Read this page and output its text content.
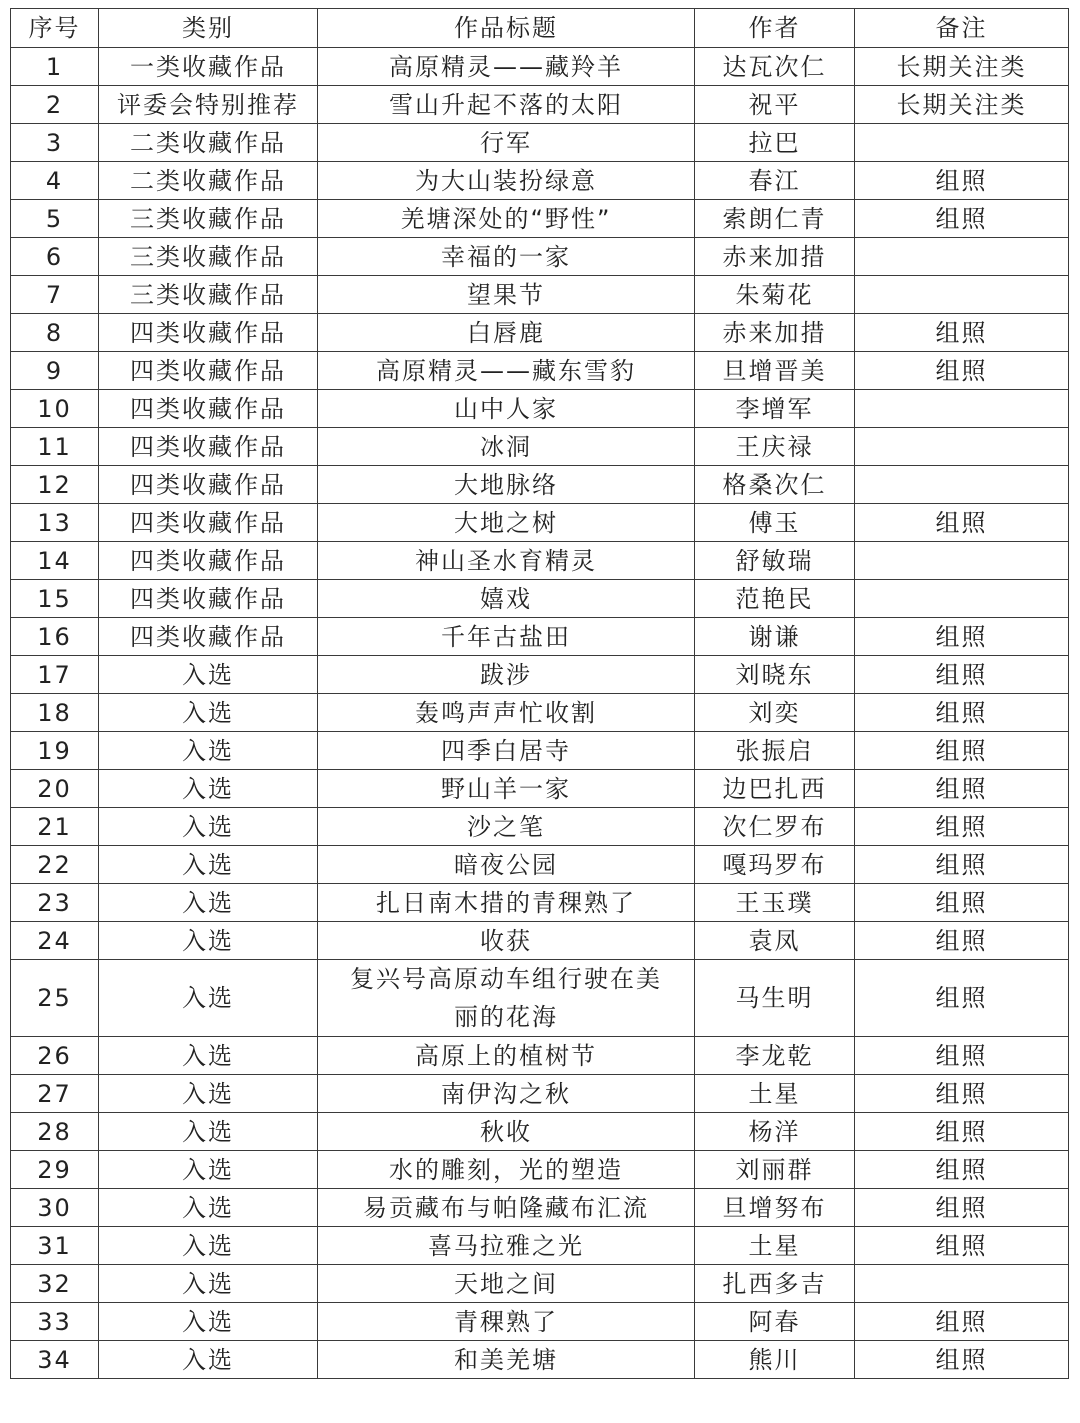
序号	类别	作品标题	作者	备注
1	一类收藏作品	高原精灵——藏羚羊	达瓦次仁	长期关注类
2	评委会特别推荐	雪山升起不落的太阳	祝平	长期关注类
3	二类收藏作品	行军	拉巴	
4	二类收藏作品	为大山装扮绿意	春江	组照
5	三类收藏作品	羌塘深处的“野性”	索朗仁青	组照
6	三类收藏作品	幸福的一家	赤来加措	
7	三类收藏作品	望果节	朱菊花	
8	四类收藏作品	白唇鹿	赤来加措	组照
9	四类收藏作品	高原精灵——藏东雪豹	旦增晋美	组照
10	四类收藏作品	山中人家	李增军	
11	四类收藏作品	冰洞	王庆禄	
12	四类收藏作品	大地脉络	格桑次仁	
13	四类收藏作品	大地之树	傅玉	组照
14	四类收藏作品	神山圣水育精灵	舒敏瑞	
15	四类收藏作品	嬉戏	范艳民	
16	四类收藏作品	千年古盐田	谢谦	组照
17	入选	跋涉	刘晓东	组照
18	入选	轰鸣声声忙收割	刘奕	组照
19	入选	四季白居寺	张振启	组照
20	入选	野山羊一家	边巴扎西	组照
21	入选	沙之笔	次仁罗布	组照
22	入选	暗夜公园	嘎玛罗布	组照
23	入选	扎日南木措的青稞熟了	王玉璞	组照
24	入选	收获	袁凤	组照
25	入选	复兴号高原动车组行驶在美丽的花海	马生明	组照
26	入选	高原上的植树节	李龙乾	组照
27	入选	南伊沟之秋	土星	组照
28	入选	秋收	杨洋	组照
29	入选	水的雕刻，光的塑造	刘丽群	组照
30	入选	易贡藏布与帕隆藏布汇流	旦增努布	组照
31	入选	喜马拉雅之光	土星	组照
32	入选	天地之间	扎西多吉	
33	入选	青稞熟了	阿春	组照
34	入选	和美羌塘	熊川	组照
